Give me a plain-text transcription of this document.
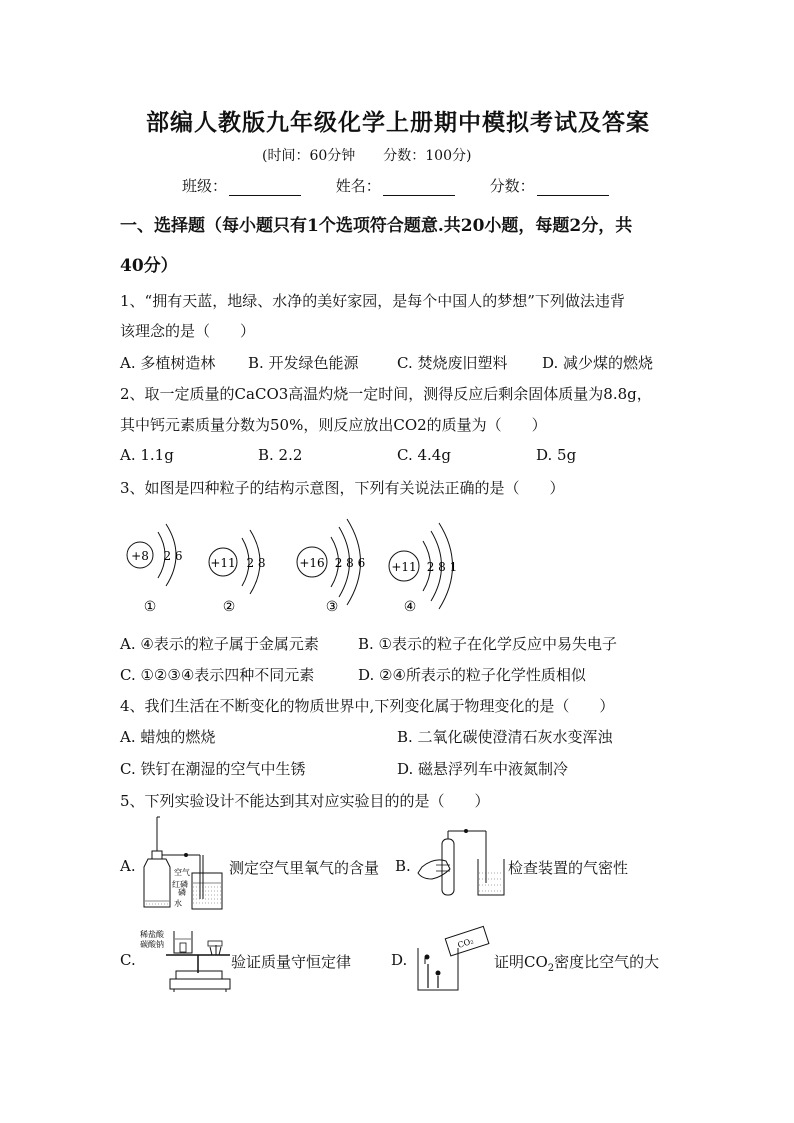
部编人教版九年级化学上册期中模拟考试及答案
(时间：60分钟　　分数：100分)
班级：	姓名：	分数：
一、选择题（每小题只有1个选项符合题意.共20小题，每题2分，共
40分）
1、“拥有天蓝，地绿、水净的美好家园，是每个中国人的梦想”下列做法违背
该理念的是（　　）
A. 多植树造林 B. 开发绿色能源	C. 焚烧废旧塑料 D. 减少煤的燃烧
2、取一定质量的CaCO3高温灼烧一定时间，测得反应后剩余固体质量为8.8g，
其中钙元素质量分数为50%，则反应放出CO2的质量为（　　）
A. 1.1g	B. 2.2	C. 4.4g	D. 5g
3、如图是四种粒子的结构示意图，下列有关说法正确的是（　　）
+8 2 6
①
+11 2 8
②
+16 2 8 6
③
+11 2 8 1
④
A. ④表示的粒子属于金属元素	B. ①表示的粒子在化学反应中易失电子
C. ①②③④表示四种不同元素	D. ②④所表示的粒子化学性质相似
4、我们生活在不断变化的物质世界中,下列变化属于物理变化的是（　　）
A. 蜡烛的燃烧	B. 二氧化碳使澄清石灰水变浑浊
C. 铁钉在潮湿的空气中生锈	D. 磁悬浮列车中液氮制冷
5、下列实验设计不能达到其对应实验目的的是（　　）
A.	空气
红磷
磷
水
测定空气里氧气的含量 B.	检查装置的气密性
C.
稀盐酸
碳酸钠
验证质量守恒定律	D.
CO₂
证明$CO_2$密度比空气的大
